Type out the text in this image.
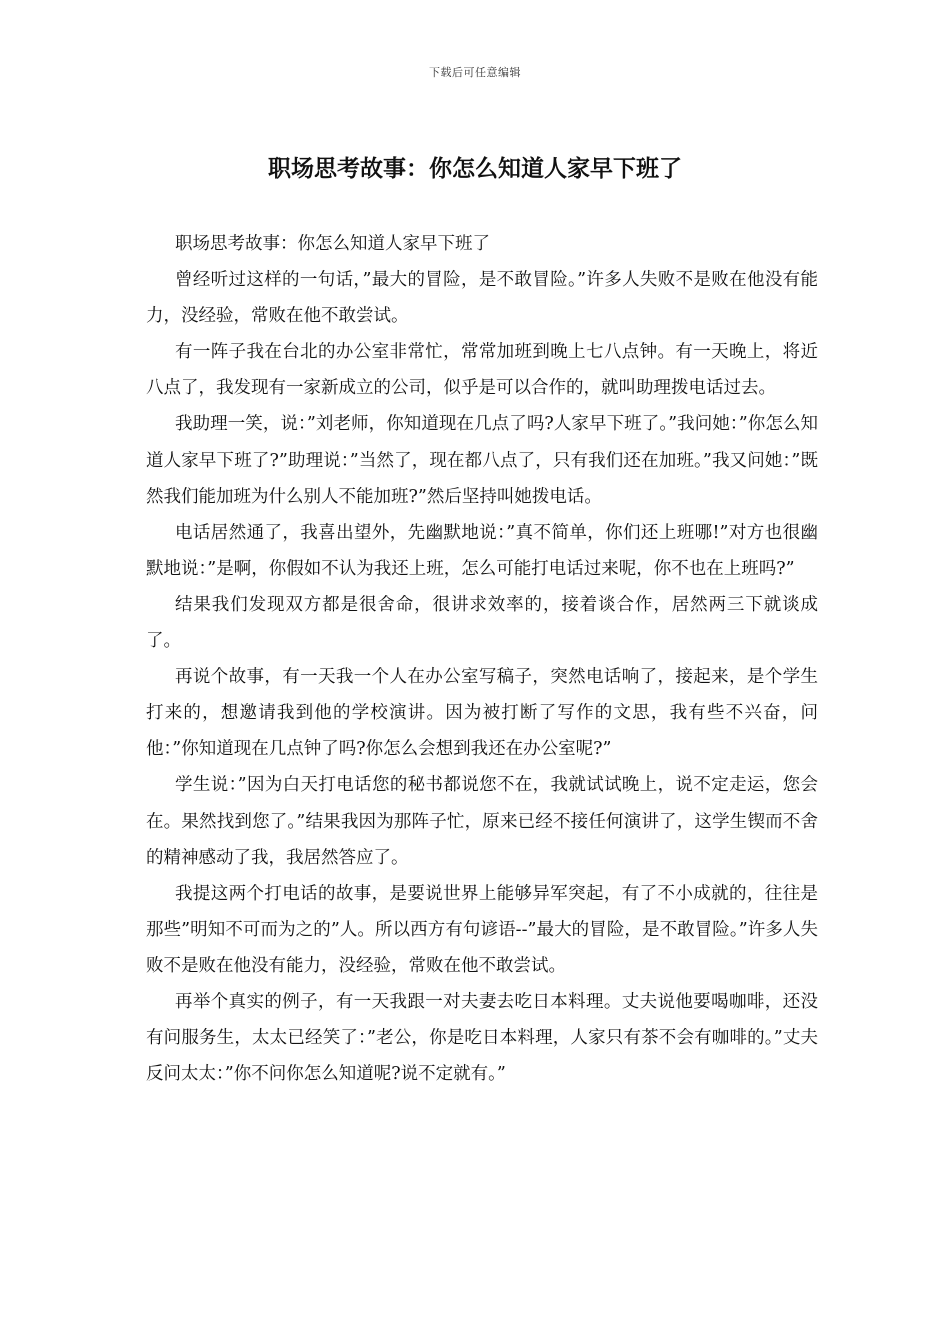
下载后可任意编辑
职场思考故事：你怎么知道人家早下班了

职场思考故事：你怎么知道人家早下班了

曾经听过这样的一句话，”最大的冒险，是不敢冒险。”许多人失败不是败在他没有能力，没经验，常败在他不敢尝试。

有一阵子我在台北的办公室非常忙，常常加班到晚上七八点钟。有一天晚上，将近八点了，我发现有一家新成立的公司，似乎是可以合作的，就叫助理拨电话过去。

我助理一笑，说：”刘老师，你知道现在几点了吗?人家早下班了。”我问她：”你怎么知道人家早下班了?”助理说：”当然了，现在都八点了，只有我们还在加班。”我又问她：”既然我们能加班为什么别人不能加班?”然后坚持叫她拨电话。

电话居然通了，我喜出望外，先幽默地说：”真不简单，你们还上班哪!”对方也很幽默地说：”是啊，你假如不认为我还上班，怎么可能打电话过来呢，你不也在上班吗?”

结果我们发现双方都是很舍命，很讲求效率的，接着谈合作，居然两三下就谈成了。

再说个故事，有一天我一个人在办公室写稿子，突然电话响了，接起来，是个学生打来的，想邀请我到他的学校演讲。因为被打断了写作的文思，我有些不兴奋，问他：”你知道现在几点钟了吗?你怎么会想到我还在办公室呢?”

学生说：”因为白天打电话您的秘书都说您不在，我就试试晚上，说不定走运，您会在。果然找到您了。”结果我因为那阵子忙，原来已经不接任何演讲了，这学生锲而不舍的精神感动了我，我居然答应了。

我提这两个打电话的故事，是要说世界上能够异军突起，有了不小成就的，往往是那些”明知不可而为之的”人。所以西方有句谚语--”最大的冒险，是不敢冒险。”许多人失败不是败在他没有能力，没经验，常败在他不敢尝试。

再举个真实的例子，有一天我跟一对夫妻去吃日本料理。丈夫说他要喝咖啡，还没有问服务生，太太已经笑了：”老公，你是吃日本料理，人家只有茶不会有咖啡的。”丈夫反问太太：”你不问你怎么知道呢?说不定就有。”
